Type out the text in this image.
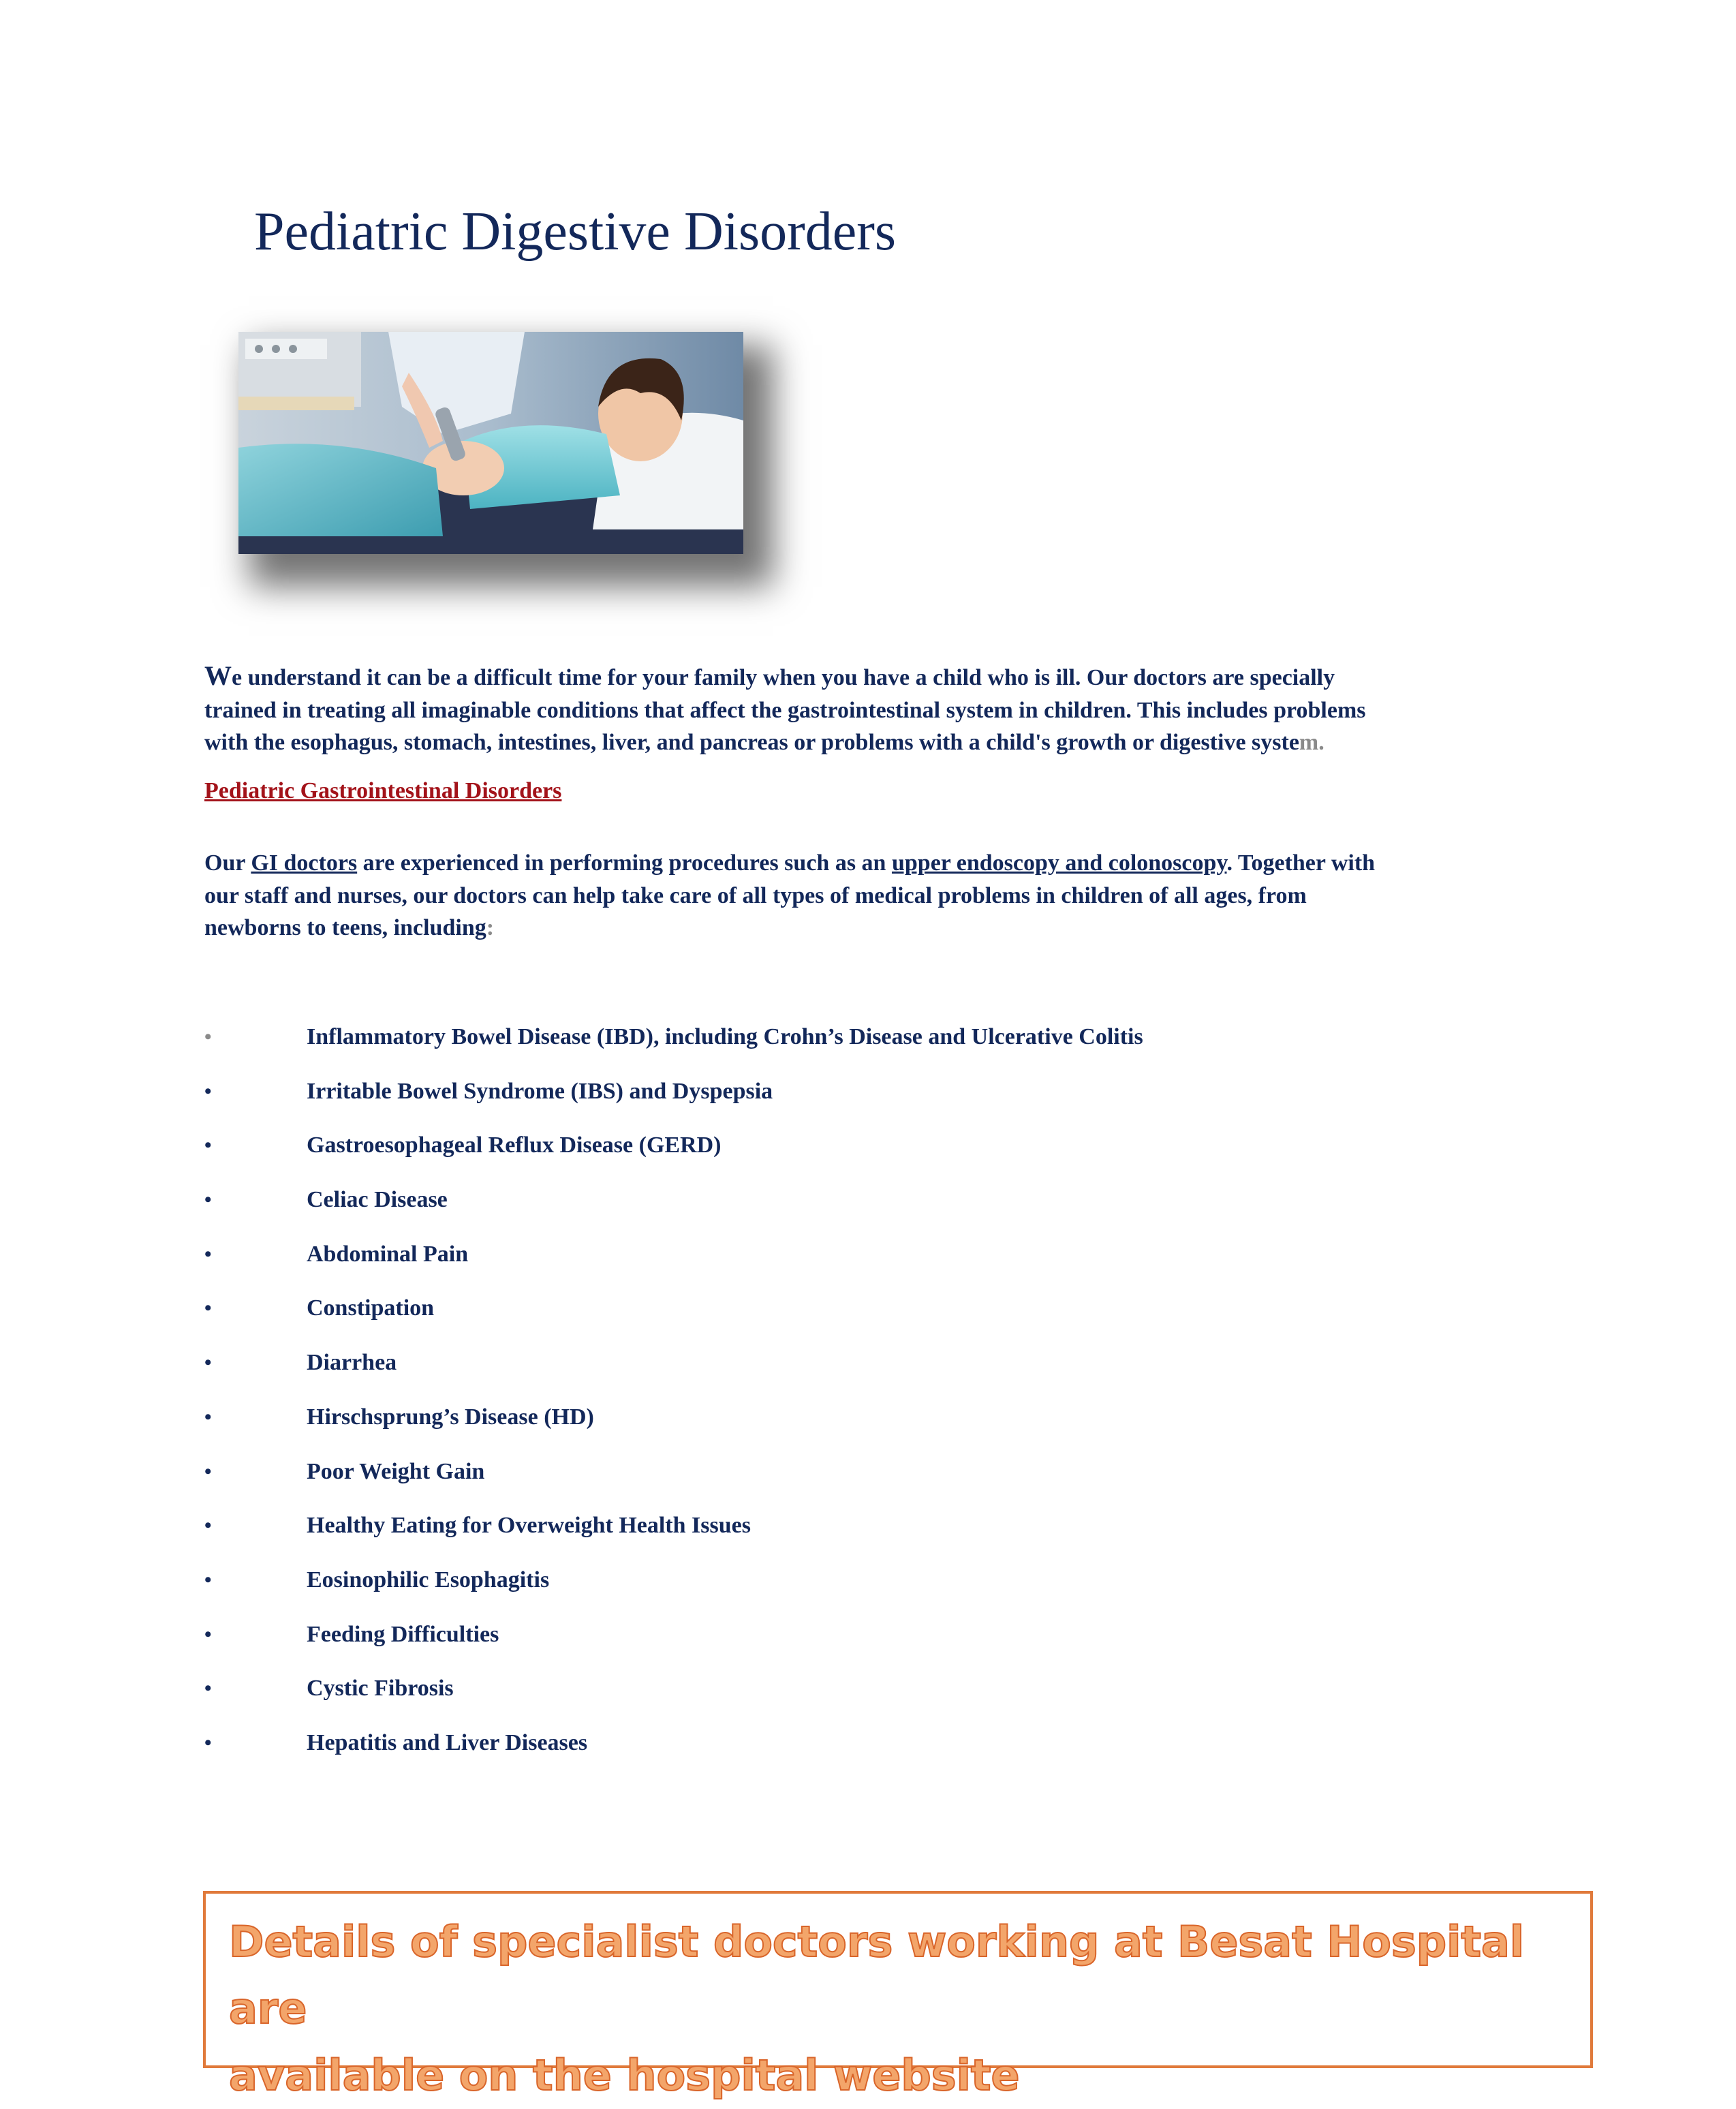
Pediatric Digestive Disorders
We understand it can be a difficult time for your family when you have a child who is ill. Our doctors are specially
trained in treating all imaginable conditions that affect the gastrointestinal system in children. This includes problems
with the esophagus, stomach, intestines, liver, and pancreas or problems with a child's growth or digestive system.
Pediatric Gastrointestinal Disorders
Our GI doctors are experienced in performing procedures such as an upper endoscopy and colonoscopy. Together with
our staff and nurses, our doctors can help take care of all types of medical problems in children of all ages, from
newborns to teens, including:
•	Inflammatory Bowel Disease (IBD), including Crohn’s Disease and Ulcerative Colitis
•	Irritable Bowel Syndrome (IBS) and Dyspepsia
•	Gastroesophageal Reflux Disease (GERD)
•	Celiac Disease
•	Abdominal Pain
•	Constipation
•	Diarrhea
•	Hirschsprung’s Disease (HD)
•	Poor Weight Gain
•	Healthy Eating for Overweight Health Issues
•	Eosinophilic Esophagitis
•	Feeding Difficulties
•	Cystic Fibrosis
•	Hepatitis and Liver Diseases
Details of specialist doctors working at Besat Hospital are
available on the hospital website
